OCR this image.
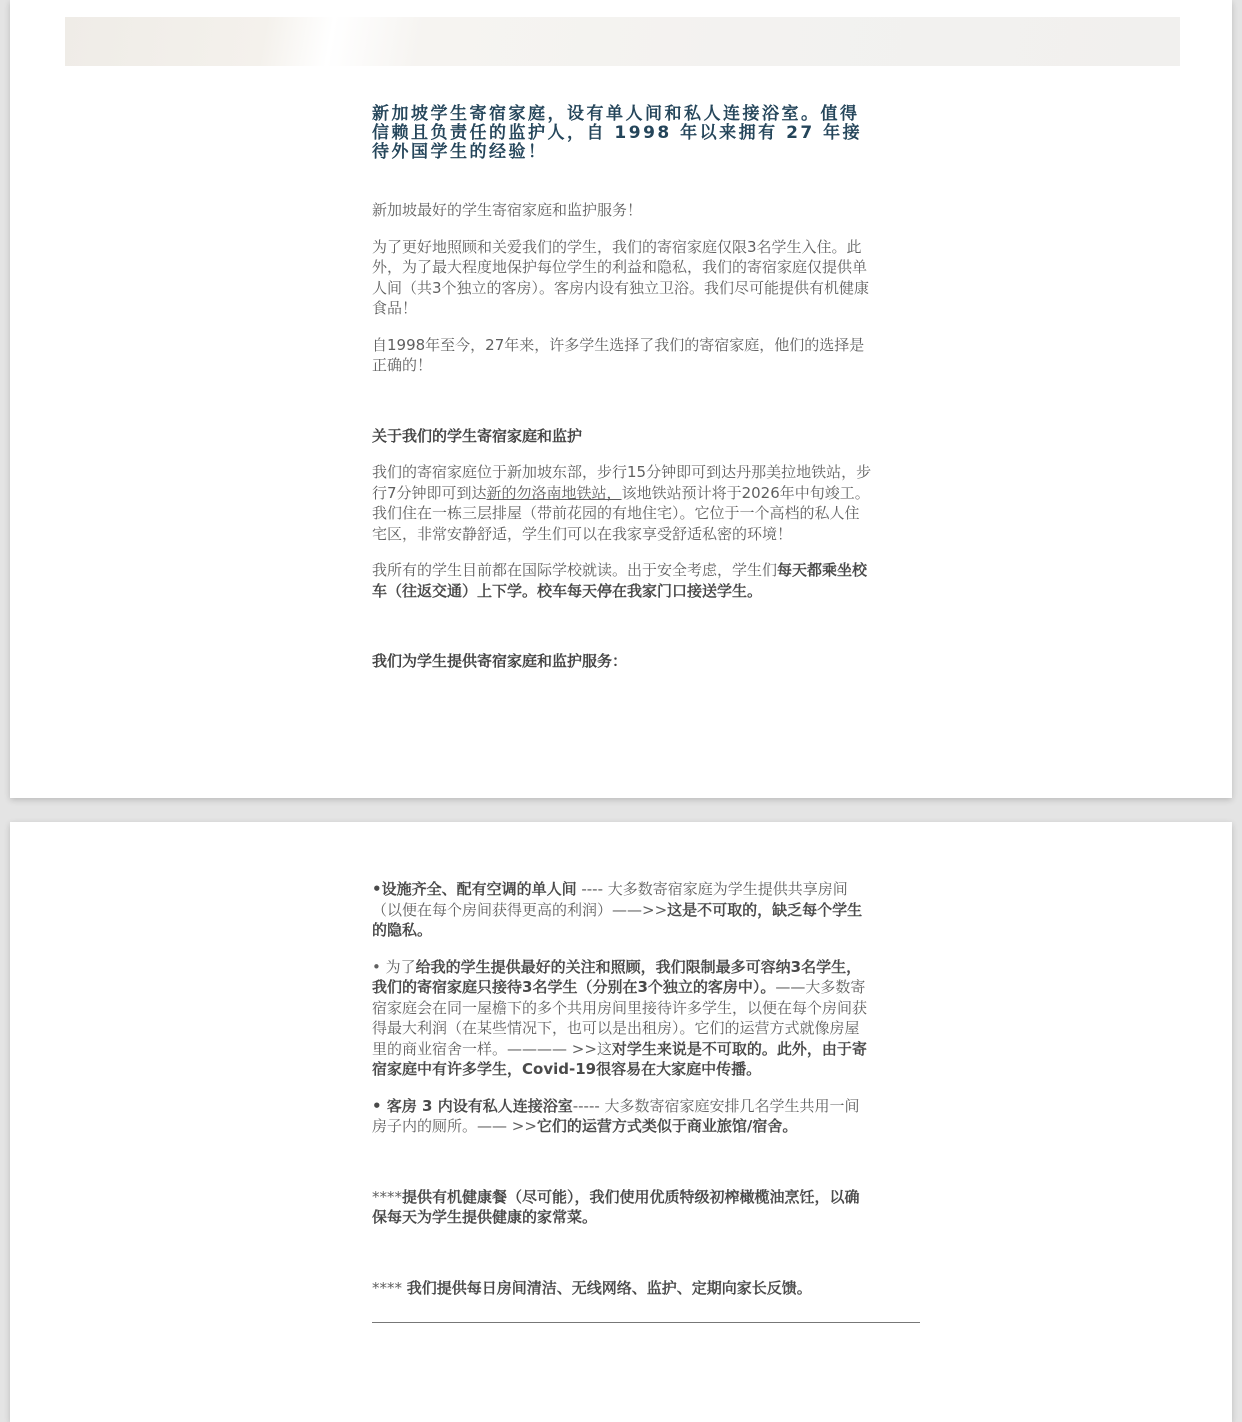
新加坡学生寄宿家庭，设有单人间和私人连接浴室。值得信赖且负责任的监护人，自 1998 年以来拥有 27 年接待外国学生的经验！

新加坡最好的学生寄宿家庭和监护服务！

为了更好地照顾和关爱我们的学生，我们的寄宿家庭仅限3名学生入住。此外，为了最大程度地保护每位学生的利益和隐私，我们的寄宿家庭仅提供单人间（共3个独立的客房）。客房内设有独立卫浴。我们尽可能提供有机健康食品！

自1998年至今，27年来，许多学生选择了我们的寄宿家庭，他们的选择是正确的！

关于我们的学生寄宿家庭和监护

我们的寄宿家庭位于新加坡东部，步行15分钟即可到达丹那美拉地铁站，步行7分钟即可到达新的勿洛南地铁站，该地铁站预计将于2026年中旬竣工。我们住在一栋三层排屋（带前花园的有地住宅）。它位于一个高档的私人住宅区，非常安静舒适，学生们可以在我家享受舒适私密的环境！

我所有的学生目前都在国际学校就读。出于安全考虑，学生们每天都乘坐校车（往返交通）上下学。校车每天停在我家门口接送学生。

我们为学生提供寄宿家庭和监护服务：

•设施齐全、配有空调的单人间 ---- 大多数寄宿家庭为学生提供共享房间（以便在每个房间获得更高的利润）——>>这是不可取的，缺乏每个学生的隐私。

• 为了给我的学生提供最好的关注和照顾，我们限制最多可容纳3名学生，我们的寄宿家庭只接待3名学生（分别在3个独立的客房中）。——大多数寄宿家庭会在同一屋檐下的多个共用房间里接待许多学生，以便在每个房间获得最大利润（在某些情况下，也可以是出租房）。它们的运营方式就像房屋里的商业宿舍一样。———— >>这对学生来说是不可取的。此外，由于寄宿家庭中有许多学生，Covid-19很容易在大家庭中传播。

• 客房 3 内设有私人连接浴室----- 大多数寄宿家庭安排几名学生共用一间房子内的厕所。—— >>它们的运营方式类似于商业旅馆/宿舍。

****提供有机健康餐（尽可能），我们使用优质特级初榨橄榄油烹饪，以确保每天为学生提供健康的家常菜。

**** 我们提供每日房间清洁、无线网络、监护、定期向家长反馈。
